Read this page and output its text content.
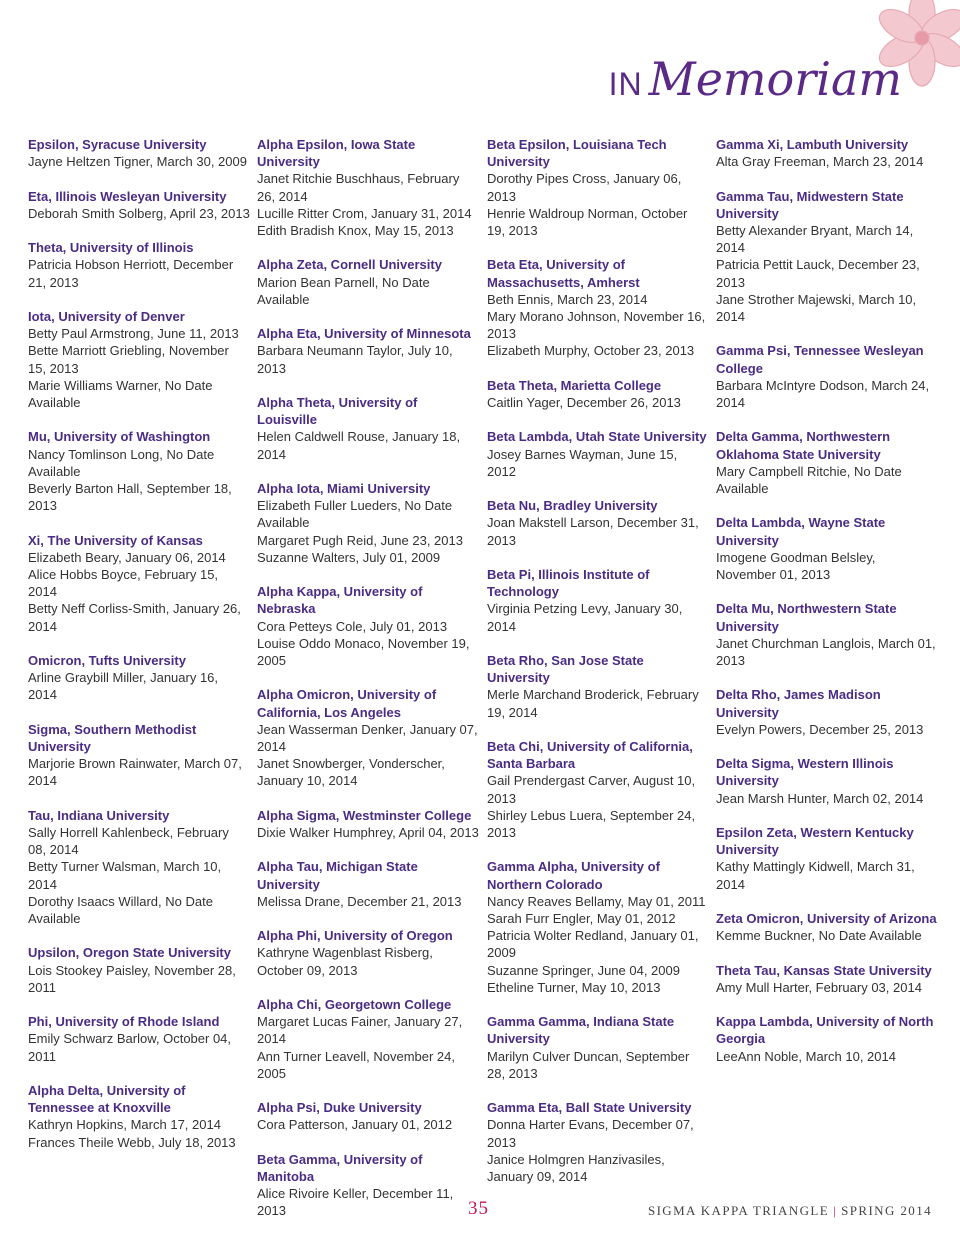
IN Memoriam
Epsilon, Syracuse University
Jayne Heltzen Tigner, March 30, 2009
Eta, Illinois Wesleyan University
Deborah Smith Solberg, April 23, 2013
Theta, University of Illinois
Patricia Hobson Herriott, December 21, 2013
Iota, University of Denver
Betty Paul Armstrong, June 11, 2013
Bette Marriott Griebling, November 15, 2013
Marie Williams Warner, No Date Available
Mu, University of Washington
Nancy Tomlinson Long, No Date Available
Beverly Barton Hall, September 18, 2013
Xi, The University of Kansas
Elizabeth Beary, January 06, 2014
Alice Hobbs Boyce, February 15, 2014
Betty Neff Corliss-Smith, January 26, 2014
Omicron, Tufts University
Arline Graybill Miller, January 16, 2014
Sigma, Southern Methodist University
Marjorie Brown Rainwater, March 07, 2014
Tau, Indiana University
Sally Horrell Kahlenbeck, February 08, 2014
Betty Turner Walsman, March 10, 2014
Dorothy Isaacs Willard, No Date Available
Upsilon, Oregon State University
Lois Stookey Paisley, November 28, 2011
Phi, University of Rhode Island
Emily Schwarz Barlow, October 04, 2011
Alpha Delta, University of Tennessee at Knoxville
Kathryn Hopkins, March 17, 2014
Frances Theile Webb, July 18, 2013
Alpha Epsilon, Iowa State University
Janet Ritchie Buschhaus, February 26, 2014
Lucille Ritter Crom, January 31, 2014
Edith Bradish Knox, May 15, 2013
Alpha Zeta, Cornell University
Marion Bean Parnell, No Date Available
Alpha Eta, University of Minnesota
Barbara Neumann Taylor, July 10, 2013
Alpha Theta, University of Louisville
Helen Caldwell Rouse, January 18, 2014
Alpha Iota, Miami University
Elizabeth Fuller Lueders, No Date Available
Margaret Pugh Reid, June 23, 2013
Suzanne Walters, July 01, 2009
Alpha Kappa, University of Nebraska
Cora Petteys Cole, July 01, 2013
Louise Oddo Monaco, November 19, 2005
Alpha Omicron, University of California, Los Angeles
Jean Wasserman Denker, January 07, 2014
Janet Snowberger, Vonderscher, January 10, 2014
Alpha Sigma, Westminster College
Dixie Walker Humphrey, April 04, 2013
Alpha Tau, Michigan State University
Melissa Drane, December 21, 2013
Alpha Phi, University of Oregon
Kathryne Wagenblast Risberg, October 09, 2013
Alpha Chi, Georgetown College
Margaret Lucas Fainer, January 27, 2014
Ann Turner Leavell, November 24, 2005
Alpha Psi, Duke University
Cora Patterson, January 01, 2012
Beta Gamma, University of Manitoba
Alice Rivoire Keller, December 11, 2013
Beta Epsilon, Louisiana Tech University
Dorothy Pipes Cross, January 06, 2013
Henrie Waldroup Norman, October 19, 2013
Beta Eta, University of Massachusetts, Amherst
Beth Ennis, March 23, 2014
Mary Morano Johnson, November 16, 2013
Elizabeth Murphy, October 23, 2013
Beta Theta, Marietta College
Caitlin Yager, December 26, 2013
Beta Lambda, Utah State University
Josey Barnes Wayman, June 15, 2012
Beta Nu, Bradley University
Joan Makstell Larson, December 31, 2013
Beta Pi, Illinois Institute of Technology
Virginia Petzing Levy, January 30, 2014
Beta Rho, San Jose State University
Merle Marchand Broderick, February 19, 2014
Beta Chi, University of California, Santa Barbara
Gail Prendergast Carver, August 10, 2013
Shirley Lebus Luera, September 24, 2013
Gamma Alpha, University of Northern Colorado
Nancy Reaves Bellamy, May 01, 2011
Sarah Furr Engler, May 01, 2012
Patricia Wolter Redland, January 01, 2009
Suzanne Springer, June 04, 2009
Etheline Turner, May 10, 2013
Gamma Gamma, Indiana State University
Marilyn Culver Duncan, September 28, 2013
Gamma Eta, Ball State University
Donna Harter Evans, December 07, 2013
Janice Holmgren Hanzivasiles, January 09, 2014
Gamma Xi, Lambuth University
Alta Gray Freeman, March 23, 2014
Gamma Tau, Midwestern State University
Betty Alexander Bryant, March 14, 2014
Patricia Pettit Lauck, December 23, 2013
Jane Strother Majewski, March 10, 2014
Gamma Psi, Tennessee Wesleyan College
Barbara McIntyre Dodson, March 24, 2014
Delta Gamma, Northwestern Oklahoma State University
Mary Campbell Ritchie, No Date Available
Delta Lambda, Wayne State University
Imogene Goodman Belsley, November 01, 2013
Delta Mu, Northwestern State University
Janet Churchman Langlois, March 01, 2013
Delta Rho, James Madison University
Evelyn Powers, December 25, 2013
Delta Sigma, Western Illinois University
Jean Marsh Hunter, March 02, 2014
Epsilon Zeta, Western Kentucky University
Kathy Mattingly Kidwell, March 31, 2014
Zeta Omicron, University of Arizona
Kemme Buckner, No Date Available
Theta Tau, Kansas State University
Amy Mull Harter, February 03, 2014
Kappa Lambda, University of North Georgia
LeeAnn Noble, March 10, 2014
35	SIGMA KAPPA TRIANGLE | SPRING 2014
